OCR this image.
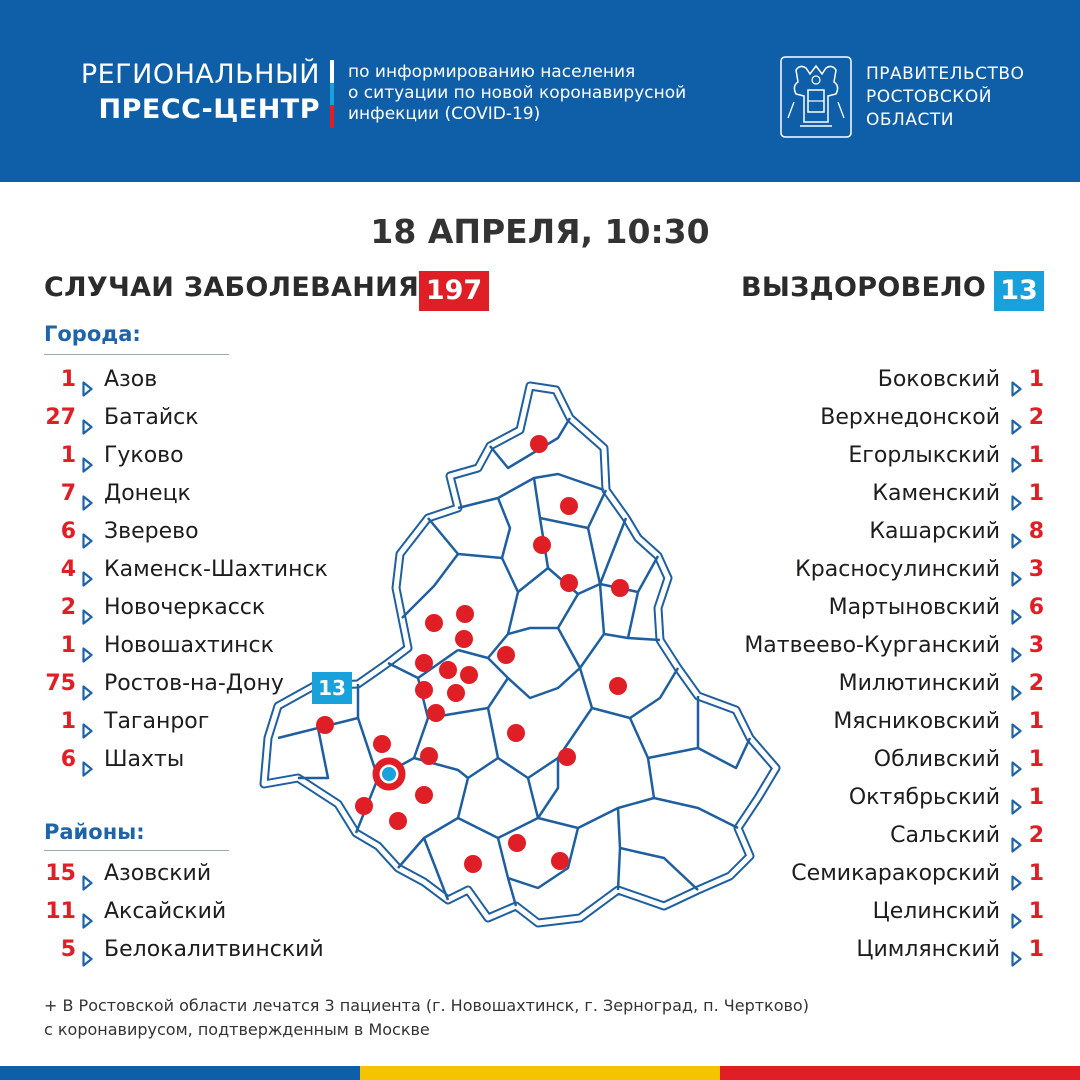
РЕГИОНАЛЬНЫЙ
ПРЕСС-ЦЕНТР
по информированию населения
о ситуации по новой коронавирусной
инфекции (COVID-19)
ПРАВИТЕЛЬСТВО
РОСТОВСКОЙ
ОБЛАСТИ
18 АПРЕЛЯ, 10:30
СЛУЧАИ ЗАБОЛЕВАНИЯ 197	ВЫЗДОРОВЕЛО 13
Города:
1 Азов
27 Батайск
1 Гуково
7 Донецк
6 Зверево
4 Каменск-Шахтинск
2 Новочеркасск
1 Новошахтинск
75 Ростов-на-Дону
1 Таганрог
6 Шахты
Районы:
15 Азовский
11 Аксайский
5 Белокалитвинский
Боковский 1
Верхнедонской 2
Егорлыкский 1
Каменский 1
Кашарский 8
Красносулинский 3
Мартыновский 6
Матвеево-Курганский 3
Милютинский 2
Мясниковский 1
Обливский 1
Октябрьский 1
Сальский 2
Семикаракорский 1
Целинский 1
Цимлянский 1
13
+ В Ростовской области лечатся 3 пациента (г. Новошахтинск, г. Зерноград, п. Чертково)
с коронавирусом, подтвержденным в Москве
